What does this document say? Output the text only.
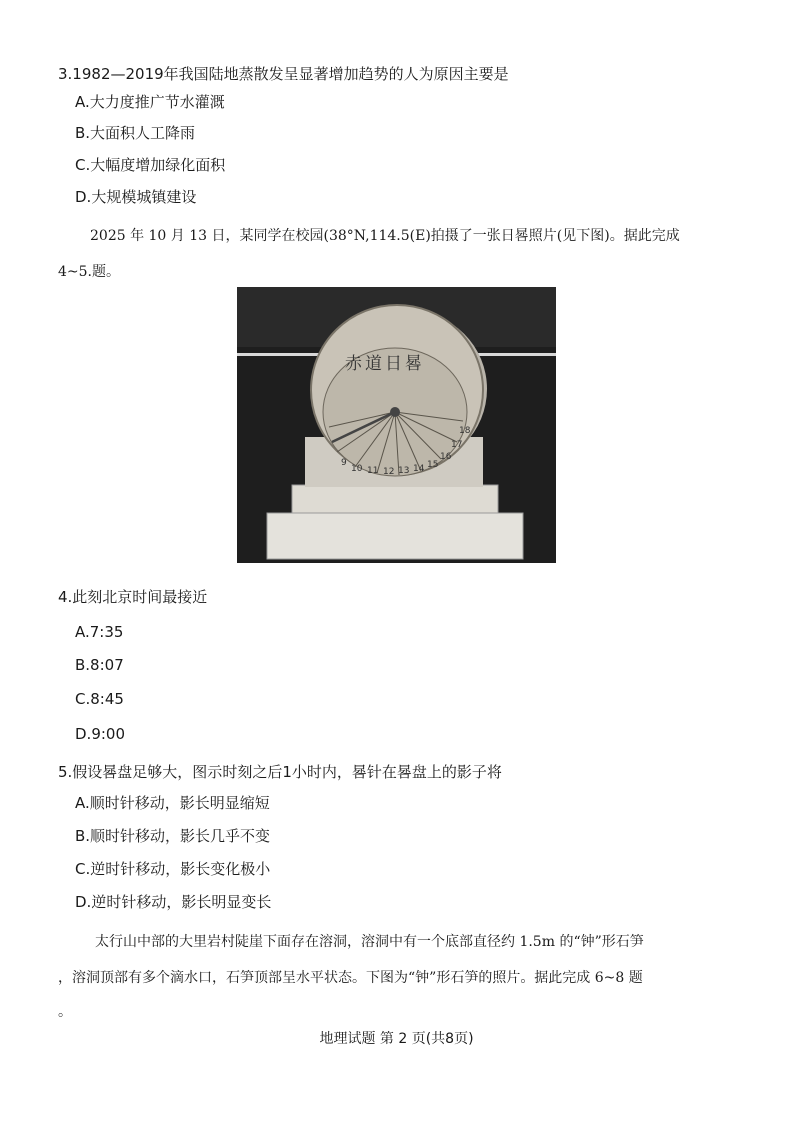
3.1982—2019年我国陆地蒸散发呈显著增加趋势的人为原因主要是
A.大力度推广节水灌溉
B.大面积人工降雨
C.大幅度增加绿化面积
D.大规模城镇建设
2025 年 10 月 13 日，某同学在校园(38°N,114.5(E)拍摄了一张日晷照片(见下图)。据此完成
4~5.题。
赤道日晷
9
10 11 12 13 14 15
16
17
18
4.此刻北京时间最接近
A.7:35
B.8:07
C.8:45
D.9:00
5.假设晷盘足够大，图示时刻之后1小时内，晷针在晷盘上的影子将
A.顺时针移动，影长明显缩短
B.顺时针移动，影长几乎不变
C.逆时针移动，影长变化极小
D.逆时针移动，影长明显变长
太行山中部的大里岩村陡崖下面存在溶洞，溶洞中有一个底部直径约 1.5m 的“钟”形石笋
，溶洞顶部有多个滴水口，石笋顶部呈水平状态。下图为“钟”形石笋的照片。据此完成 6~8 题
。
地理试题 第 2 页(共8页)
